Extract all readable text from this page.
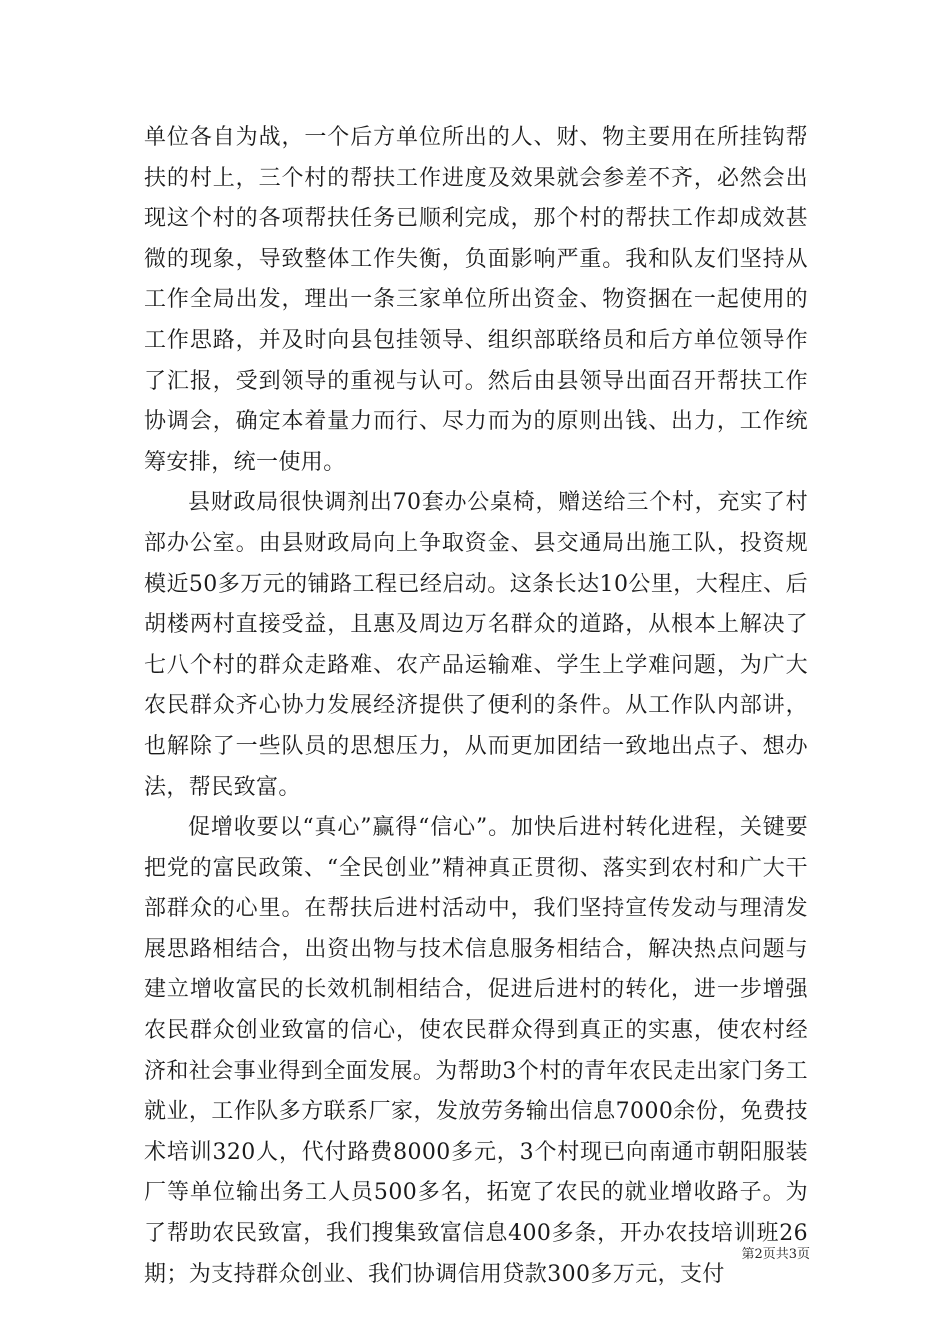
单位各自为战，一个后方单位所出的人、财、物主要用在所挂钩帮扶的村上，三个村的帮扶工作进度及效果就会参差不齐，必然会出现这个村的各项帮扶任务已顺利完成，那个村的帮扶工作却成效甚微的现象，导致整体工作失衡，负面影响严重。我和队友们坚持从工作全局出发，理出一条三家单位所出资金、物资捆在一起使用的工作思路，并及时向县包挂领导、组织部联络员和后方单位领导作了汇报，受到领导的重视与认可。然后由县领导出面召开帮扶工作协调会，确定本着量力而行、尽力而为的原则出钱、出力，工作统筹安排，统一使用。

县财政局很快调剂出70套办公桌椅，赠送给三个村，充实了村部办公室。由县财政局向上争取资金、县交通局出施工队，投资规模近50多万元的铺路工程已经启动。这条长达10公里，大程庄、后胡楼两村直接受益，且惠及周边万名群众的道路，从根本上解决了七八个村的群众走路难、农产品运输难、学生上学难问题，为广大农民群众齐心协力发展经济提供了便利的条件。从工作队内部讲，也解除了一些队员的思想压力，从而更加团结一致地出点子、想办法，帮民致富。

促增收要以“真心”赢得“信心”。加快后进村转化进程，关键要把党的富民政策、“全民创业”精神真正贯彻、落实到农村和广大干部群众的心里。在帮扶后进村活动中，我们坚持宣传发动与理清发展思路相结合，出资出物与技术信息服务相结合，解决热点问题与建立增收富民的长效机制相结合，促进后进村的转化，进一步增强农民群众创业致富的信心，使农民群众得到真正的实惠，使农村经济和社会事业得到全面发展。为帮助3个村的青年农民走出家门务工就业，工作队多方联系厂家，发放劳务输出信息7000余份，免费技术培训320人，代付路费8000多元，3个村现已向南通市朝阳服装厂等单位输出务工人员500多名，拓宽了农民的就业增收路子。为了帮助农民致富，我们搜集致富信息400多条，开办农技培训班26期；为支持群众创业、我们协调信用贷款300多万元，支付

第2页共3页
